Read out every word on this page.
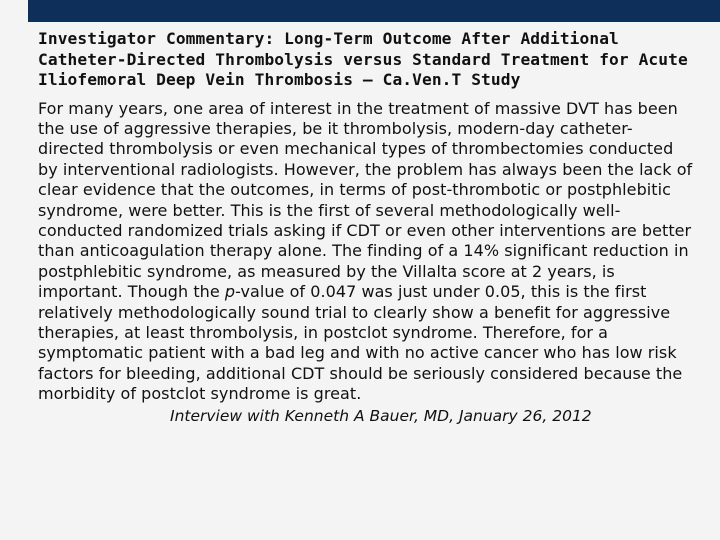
Investigator Commentary: Long-Term Outcome After Additional Catheter-Directed Thrombolysis versus Standard Treatment for Acute Iliofemoral Deep Vein Thrombosis — Ca.Ven.T Study

For many years, one area of interest in the treatment of massive DVT has been the use of aggressive therapies, be it thrombolysis, modern-day catheter-directed thrombolysis or even mechanical types of thrombectomies conducted by interventional radiologists. However, the problem has always been the lack of clear evidence that the outcomes, in terms of post-thrombotic or postphlebitic syndrome, were better. This is the first of several methodologically well-conducted randomized trials asking if CDT or even other interventions are better than anticoagulation therapy alone. The finding of a 14% significant reduction in postphlebitic syndrome, as measured by the Villalta score at 2 years, is important. Though the p-value of 0.047 was just under 0.05, this is the first relatively methodologically sound trial to clearly show a benefit for aggressive therapies, at least thrombolysis, in postclot syndrome. Therefore, for a symptomatic patient with a bad leg and with no active cancer who has low risk factors for bleeding, additional CDT should be seriously considered because the morbidity of postclot syndrome is great.

Interview with Kenneth A Bauer, MD, January 26, 2012
